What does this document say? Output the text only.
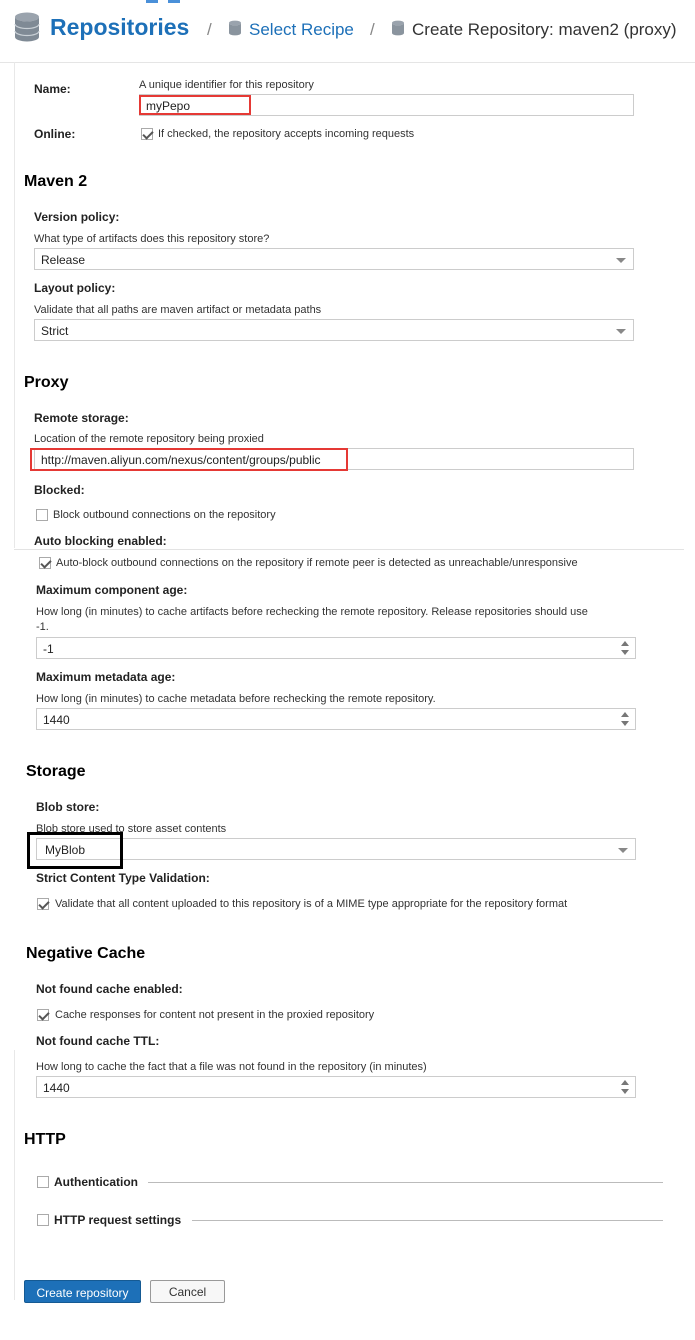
Repositories / Select Recipe / Create Repository: maven2 (proxy)
Name:	A unique identifier for this repository
myPepo
Online:	If checked, the repository accepts incoming requests
Maven 2
Version policy:
What type of artifacts does this repository store?
Release
Layout policy:
Validate that all paths are maven artifact or metadata paths
Strict
Proxy
Remote storage:
Location of the remote repository being proxied
http://maven.aliyun.com/nexus/content/groups/public
Blocked:
Block outbound connections on the repository
Auto blocking enabled:
Auto-block outbound connections on the repository if remote peer is detected as unreachable/unresponsive
Maximum component age:
How long (in minutes) to cache artifacts before rechecking the remote repository. Release repositories should use
-1.
-1
Maximum metadata age:
How long (in minutes) to cache metadata before rechecking the remote repository.
1440
Storage
Blob store:
Blob store used to store asset contents
MyBlob
Strict Content Type Validation:
Validate that all content uploaded to this repository is of a MIME type appropriate for the repository format
Negative Cache
Not found cache enabled:
Cache responses for content not present in the proxied repository
Not found cache TTL:
How long to cache the fact that a file was not found in the repository (in minutes)
1440
HTTP
Authentication
HTTP request settings
Create repository	Cancel
